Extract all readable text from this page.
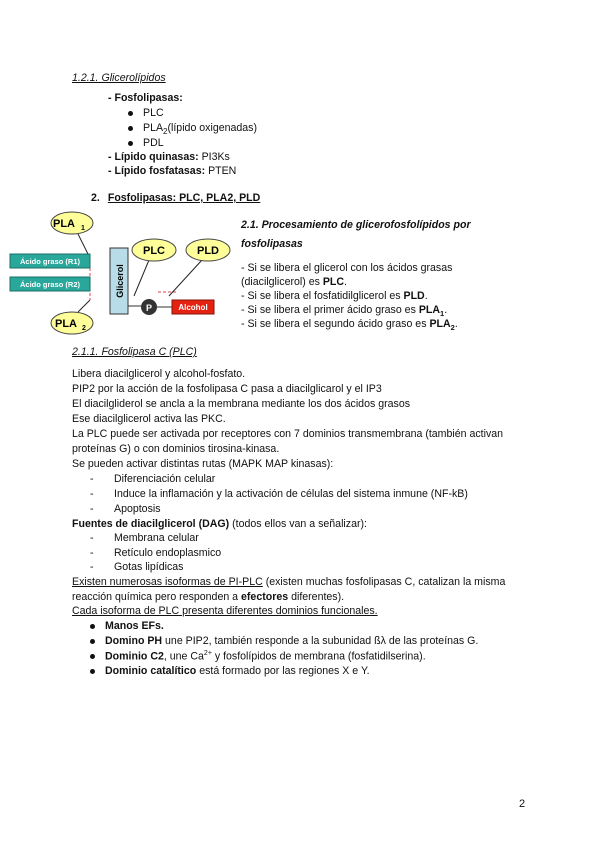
1.2.1. Glicerolípidos
- Fosfolipasas:
PLC
$PLA_2(lípido$ oxigenadas)
PDL
- Lípido quinasas: PI3Ks
- Lípido fosfatasas: PTEN
2. Fosfolipasas: PLC, PLA2, PLD
PLA 1
PLC	PLD
PLA 2
Ácido graso (R1)
Ácido graso (R2)	Glicerol
P	Alcohol
2.1. Procesamiento de glicerofosfolípidos por
fosfolipasas
- Si se libera el glicerol con los ácidos grasas
(diacilglicerol) es PLC.
- Si se libera el fosfatidilglicerol es PLD.
- Si se libera el primer ácido graso es $PLA_1$.
- Si se libera el segundo ácido graso es $PLA_2$.
2.1.1. Fosfolipasa C (PLC)
Libera diacilglicerol y alcohol-fosfato.
PIP2 por la acción de la fosfolipasa C pasa a diacilglicarol y el IP3
El diacilgliderol se ancla a la membrana mediante los dos ácidos grasos
Ese diacilglicerol activa las PKC.
La PLC puede ser activada por receptores con 7 dominios transmembrana (también activan
proteínas G) o con dominios tirosina-kinasa.
Se pueden activar distintas rutas (MAPK MAP kinasas):
- Diferenciación celular
- Induce la inflamación y la activación de células del sistema inmune (NF-kB)
- Apoptosis
Fuentes de diacilglicerol (DAG) (todos ellos van a señalizar):
- Membrana celular
- Retículo endoplasmico
- Gotas lipídicas
Existen numerosas isoformas de PI-PLC (existen muchas fosfolipasas C, catalizan la misma
reacción química pero responden a efectores diferentes).
Cada isoforma de PLC presenta diferentes dominios funcionales.
Manos EFs.
Domino PH une PIP2, también responde a la subunidad ßλ de las proteínas G.
Dominio C2, une $Ca^{2+}$ y fosfolípidos de membrana (fosfatidilserina).
Dominio catalítico está formado por las regiones X e Y.
2
